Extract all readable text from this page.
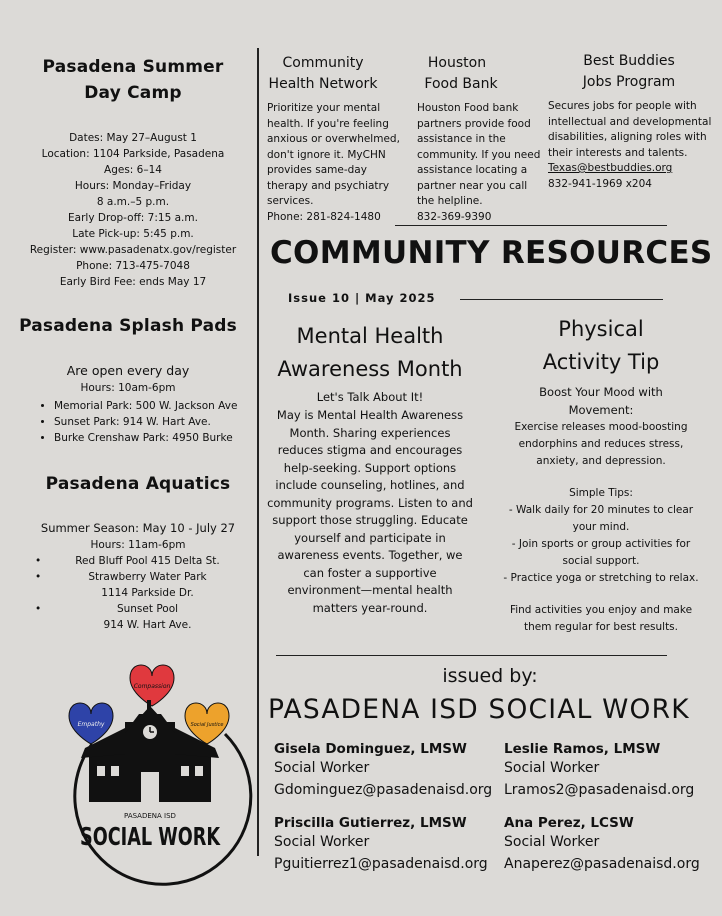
Pasadena Summer
Day Camp
Dates: May 27–August 1
Location: 1104 Parkside, Pasadena
Ages: 6–14
Hours: Monday–Friday
8 a.m.–5 p.m.
Early Drop-off: 7:15 a.m.
Late Pick-up: 5:45 p.m.
Register: www.pasadenatx.gov/register
Phone: 713-475-7048
Early Bird Fee: ends May 17
Pasadena Splash Pads
Are open every day
Hours: 10am-6pm
• Memorial Park: 500 W. Jackson Ave
• Sunset Park: 914 W. Hart Ave.
• Burke Crenshaw Park: 4950 Burke
Pasadena Aquatics
Summer Season: May 10 - July 27
Hours: 11am-6pm
•	Red Bluff Pool 415 Delta St.
•	Strawberry Water Park
1114 Parkside Dr.
•	Sunset Pool
914 W. Hart Ave.
Compassion
Empathy	Social Justice
PASADENA ISD
SOCIAL WORK
Community
Health Network
Prioritize your mental health. If you're feeling anxious or overwhelmed, don't ignore it. MyCHN provides same-day therapy and psychiatry services.
Phone: 281-824-1480
Houston
Food Bank
Houston Food bank partners provide food assistance in the community. If you need assistance locating a partner near you call the helpline.
832-369-9390
Best Buddies
Jobs Program
Secures jobs for people with intellectual and developmental disabilities, aligning roles with their interests and talents.
Texas@bestbuddies.org
832-941-1969 x204
COMMUNITY RESOURCES
Issue 10 | May 2025
Mental Health
Awareness Month
Let's Talk About It!
May is Mental Health Awareness Month. Sharing experiences reduces stigma and encourages help-seeking. Support options include counseling, hotlines, and community programs. Listen to and support those struggling. Educate yourself and participate in awareness events. Together, we can foster a supportive environment—mental health matters year-round.
Physical
Activity Tip
Boost Your Mood with
Movement:
Exercise releases mood-boosting endorphins and reduces stress, anxiety, and depression.
Simple Tips:
- Walk daily for 20 minutes to clear your mind.
- Join sports or group activities for social support.
- Practice yoga or stretching to relax.
Find activities you enjoy and make them regular for best results.
issued by:
PASADENA ISD SOCIAL WORK
Gisela Dominguez, LMSW
Social Worker
Gdominguez@pasadenaisd.org
Leslie Ramos, LMSW
Social Worker
Lramos2@pasadenaisd.org
Priscilla Gutierrez, LMSW
Social Worker
Pguitierrez1@pasadenaisd.org
Ana Perez, LCSW
Social Worker
Anaperez@pasadenaisd.org
